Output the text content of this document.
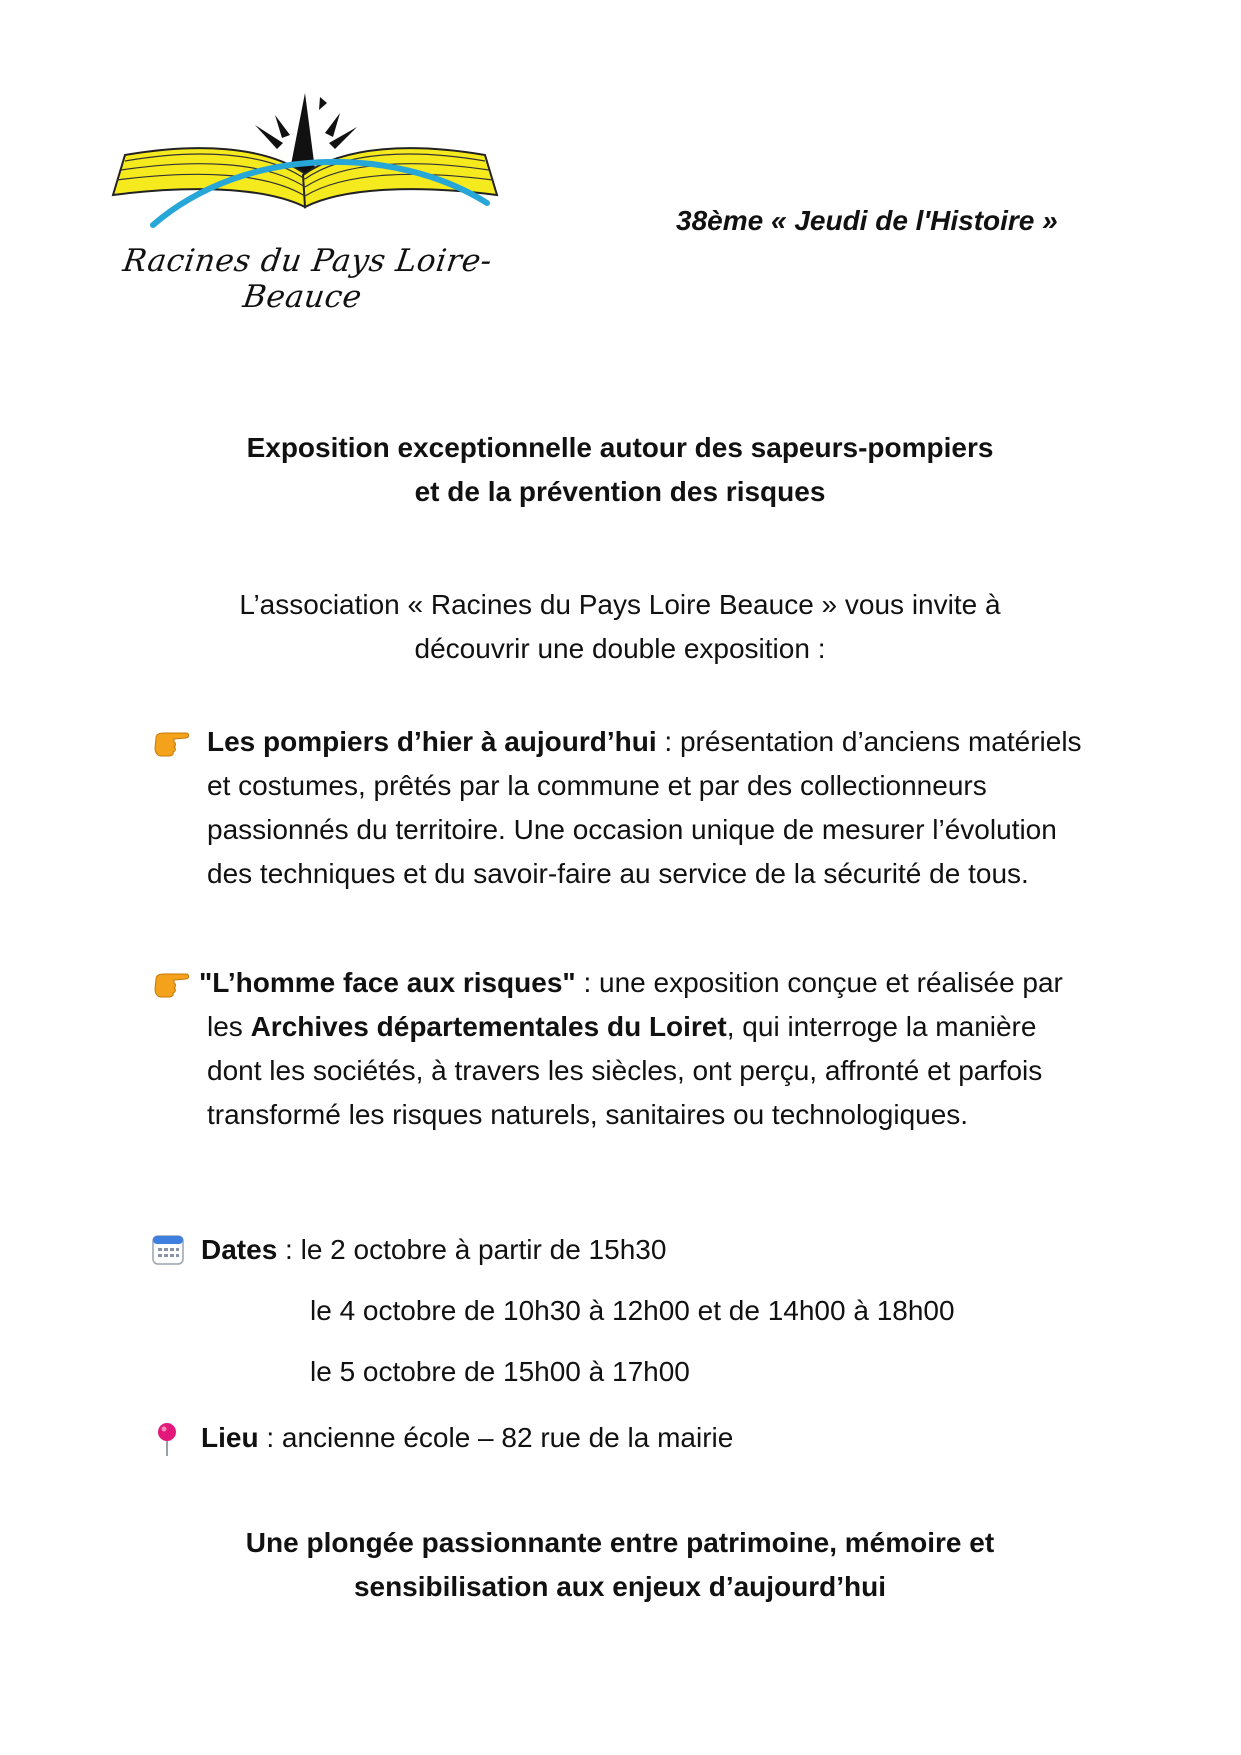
Racines du Pays Loire-Beauce
38ème « Jeudi de l'Histoire »
Exposition exceptionnelle autour des sapeurs-pompiers
et de la prévention des risques
L’association « Racines du Pays Loire Beauce » vous invite à
découvrir une double exposition :

Les pompiers d’hier à aujourd’hui : présentation d’anciens matériels et costumes, prêtés par la commune et par des collectionneurs passionnés du territoire. Une occasion unique de mesurer l’évolution des techniques et du savoir-faire au service de la sécurité de tous.

"L’homme face aux risques" : une exposition conçue et réalisée par les Archives départementales du Loiret, qui interroge la manière dont les sociétés, à travers les siècles, ont perçu, affronté et parfois transformé les risques naturels, sanitaires ou technologiques.

Dates : le 2 octobre à partir de 15h30
le 4 octobre de 10h30 à 12h00 et de 14h00 à 18h00
le 5 octobre de 15h00 à 17h00
Lieu : ancienne école – 82 rue de la mairie
Une plongée passionnante entre patrimoine, mémoire et
sensibilisation aux enjeux d’aujourd’hui
